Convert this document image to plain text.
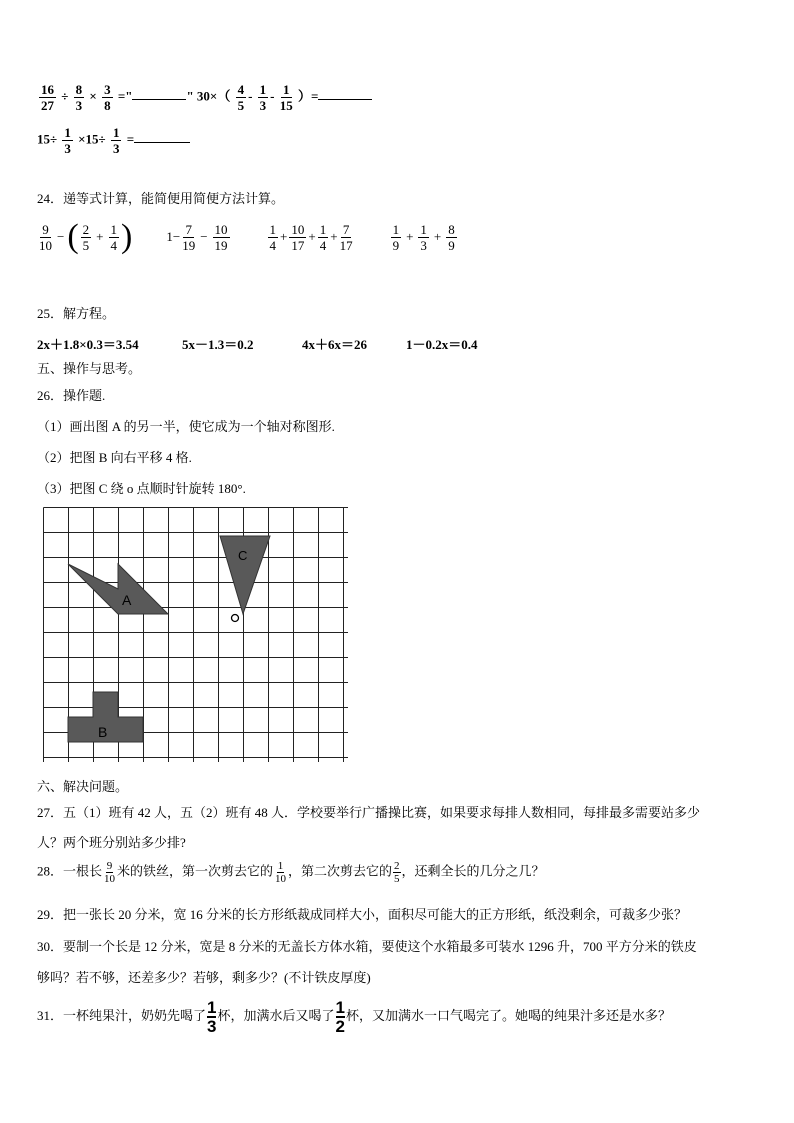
$\frac{16}{27} \div \frac{8}{3} \times \frac{3}{8}$ ="	" $30\times( \frac{4}{5} - \frac{1}{3} - \frac{1}{15}$ ）=
$15\div \frac{1}{3} \times 15\div \frac{1}{3}$ =
24．递等式计算，能简便用简便方法计算。
9
10
− ( 2
5
+ $\frac{1}{4}$ )	$1- \frac{7}{19} - \frac{10}{19}$	1
4
+ $\frac{10}{17} + \frac{1}{4} + \frac{7}{17}$	1
9
+ $\frac{1}{3} + \frac{8}{9}$
25．解方程。
2x＋1.8×0.3＝3.54	5x－1.3＝0.2	4x＋6x＝26	1－0.2x＝0.4
五、操作与思考。
26．操作题.
（1）画出图 A 的另一半，使它成为一个轴对称图形.
（2）把图 B 向右平移 4 格.
（3）把图 C 绕 o 点顺时针旋转 180°.
A
C
B
六、解决问题。
27．五（1）班有 42 人，五（2）班有 48 人．学校要举行广播操比赛，如果要求每排人数相同，每排最多需要站多少
人？两个班分别站多少排?
28．一根长 $\frac{9}{10}$ 米的铁丝，第一次剪去它的 $\frac{1}{10}$ ，第二次剪去它的 $\frac{2}{5}$ ，还剩全长的几分之几？
29．把一张长 20 分米，宽 16 分米的长方形纸裁成同样大小，面积尽可能大的正方形纸，纸没剩余，可裁多少张？
30．要制一个长是 12 分米，宽是 8 分米的无盖长方体水箱，要使这个水箱最多可装水 1296 升，700 平方分米的铁皮
够吗？若不够，还差多少？若够，剩多少？(不计铁皮厚度)
31．一杯纯果汁，奶奶先喝了 $\frac{1}{3}$ 杯，加满水后又喝了 $\frac{1}{2}$ 杯，又加满水一口气喝完了。她喝的纯果汁多还是水多？
